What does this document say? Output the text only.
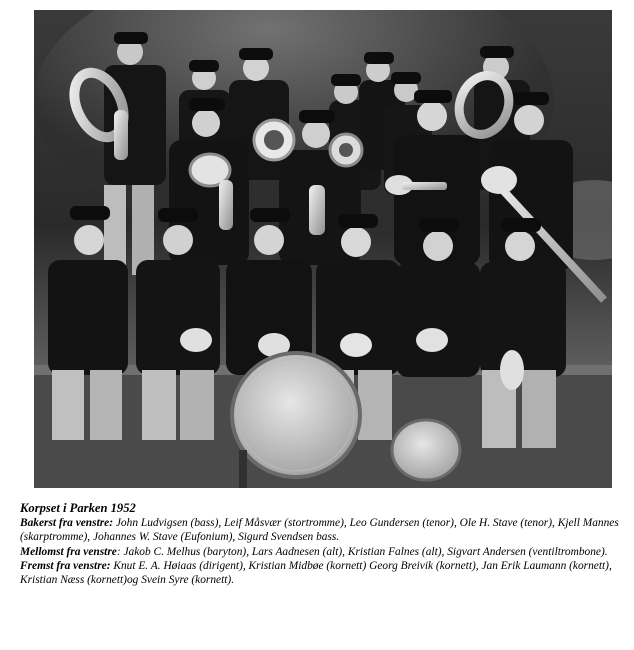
Korpset i Parken 1952

Bakerst fra venstre: John Ludvigsen (bass), Leif Måsvær (stortromme), Leo Gundersen (tenor), Ole H. Stave (tenor), Kjell Mannes (skarptromme), Johannes W. Stave (Eufonium), Sigurd Svendsen bass.

Mellomst fra venstre: Jakob C. Melhus (baryton), Lars Aadnesen (alt), Kristian Falnes (alt), Sigvart Andersen (ventiltrombone).

Fremst fra venstre: Knut E. A. Høiaas (dirigent), Kristian Midbøe (kornett) Georg Breivik (kornett), Jan Erik Laumann (kornett), Kristian Næss (kornett)og Svein Syre (kornett).
